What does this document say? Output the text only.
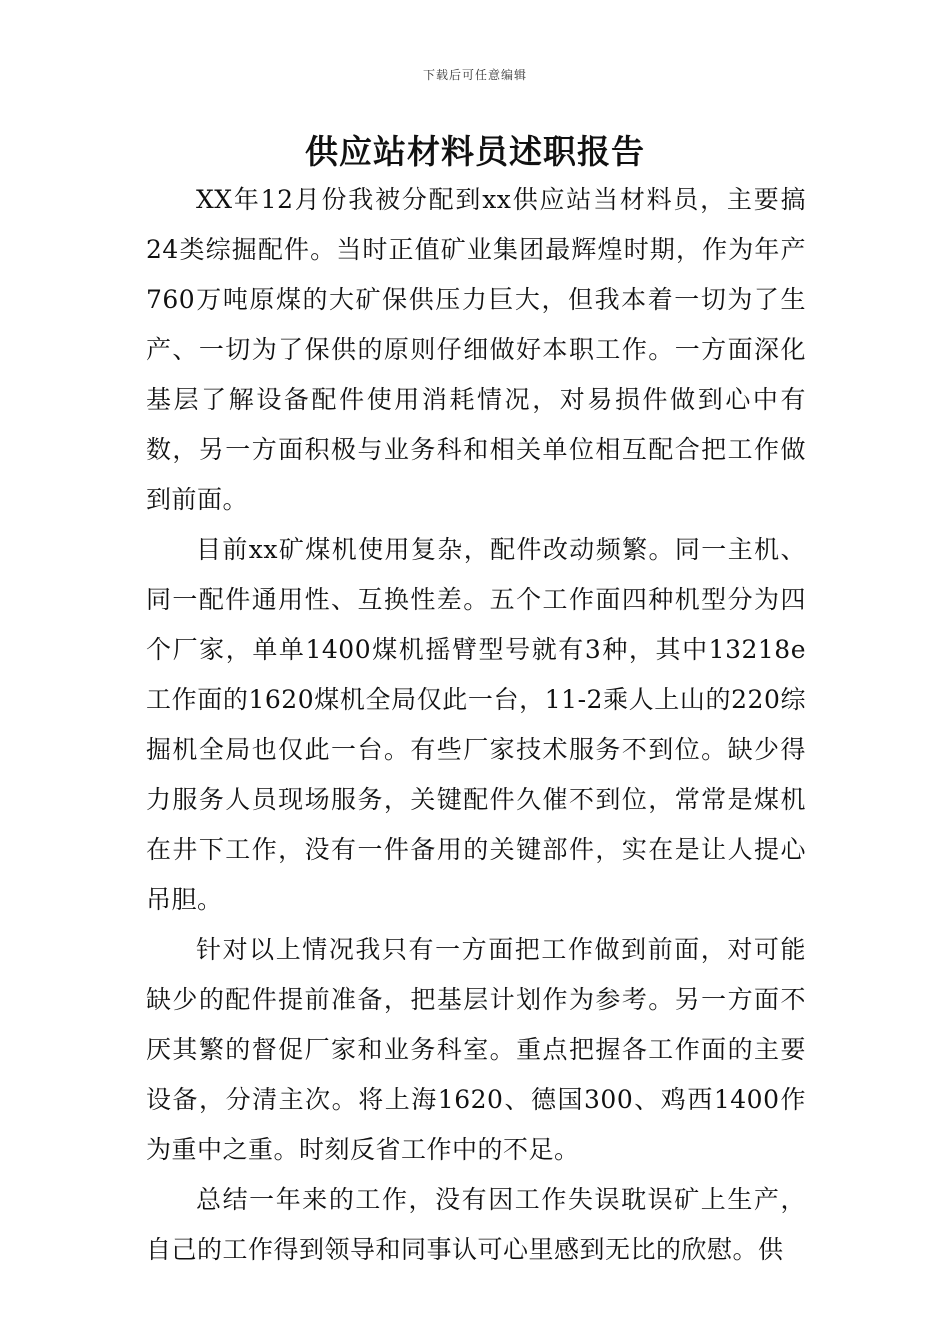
下载后可任意编辑
供应站材料员述职报告

XX年12月份我被分配到xx供应站当材料员，主要搞24类综掘配件。当时正值矿业集团最辉煌时期，作为年产760万吨原煤的大矿保供压力巨大，但我本着一切为了生产、一切为了保供的原则仔细做好本职工作。一方面深化基层了解设备配件使用消耗情况，对易损件做到心中有数，另一方面积极与业务科和相关单位相互配合把工作做到前面。

目前xx矿煤机使用复杂，配件改动频繁。同一主机、同一配件通用性、互换性差。五个工作面四种机型分为四个厂家，单单1400煤机摇臂型号就有3种，其中13218e工作面的1620煤机全局仅此一台，11-2乘人上山的220综掘机全局也仅此一台。有些厂家技术服务不到位。缺少得力服务人员现场服务，关键配件久催不到位，常常是煤机在井下工作，没有一件备用的关键部件，实在是让人提心吊胆。

针对以上情况我只有一方面把工作做到前面，对可能缺少的配件提前准备，把基层计划作为参考。另一方面不厌其繁的督促厂家和业务科室。重点把握各工作面的主要设备，分清主次。将上海1620、德国300、鸡西1400作为重中之重。时刻反省工作中的不足。

总结一年来的工作，没有因工作失误耽误矿上生产，自己的工作得到领导和同事认可心里感到无比的欣慰。供
